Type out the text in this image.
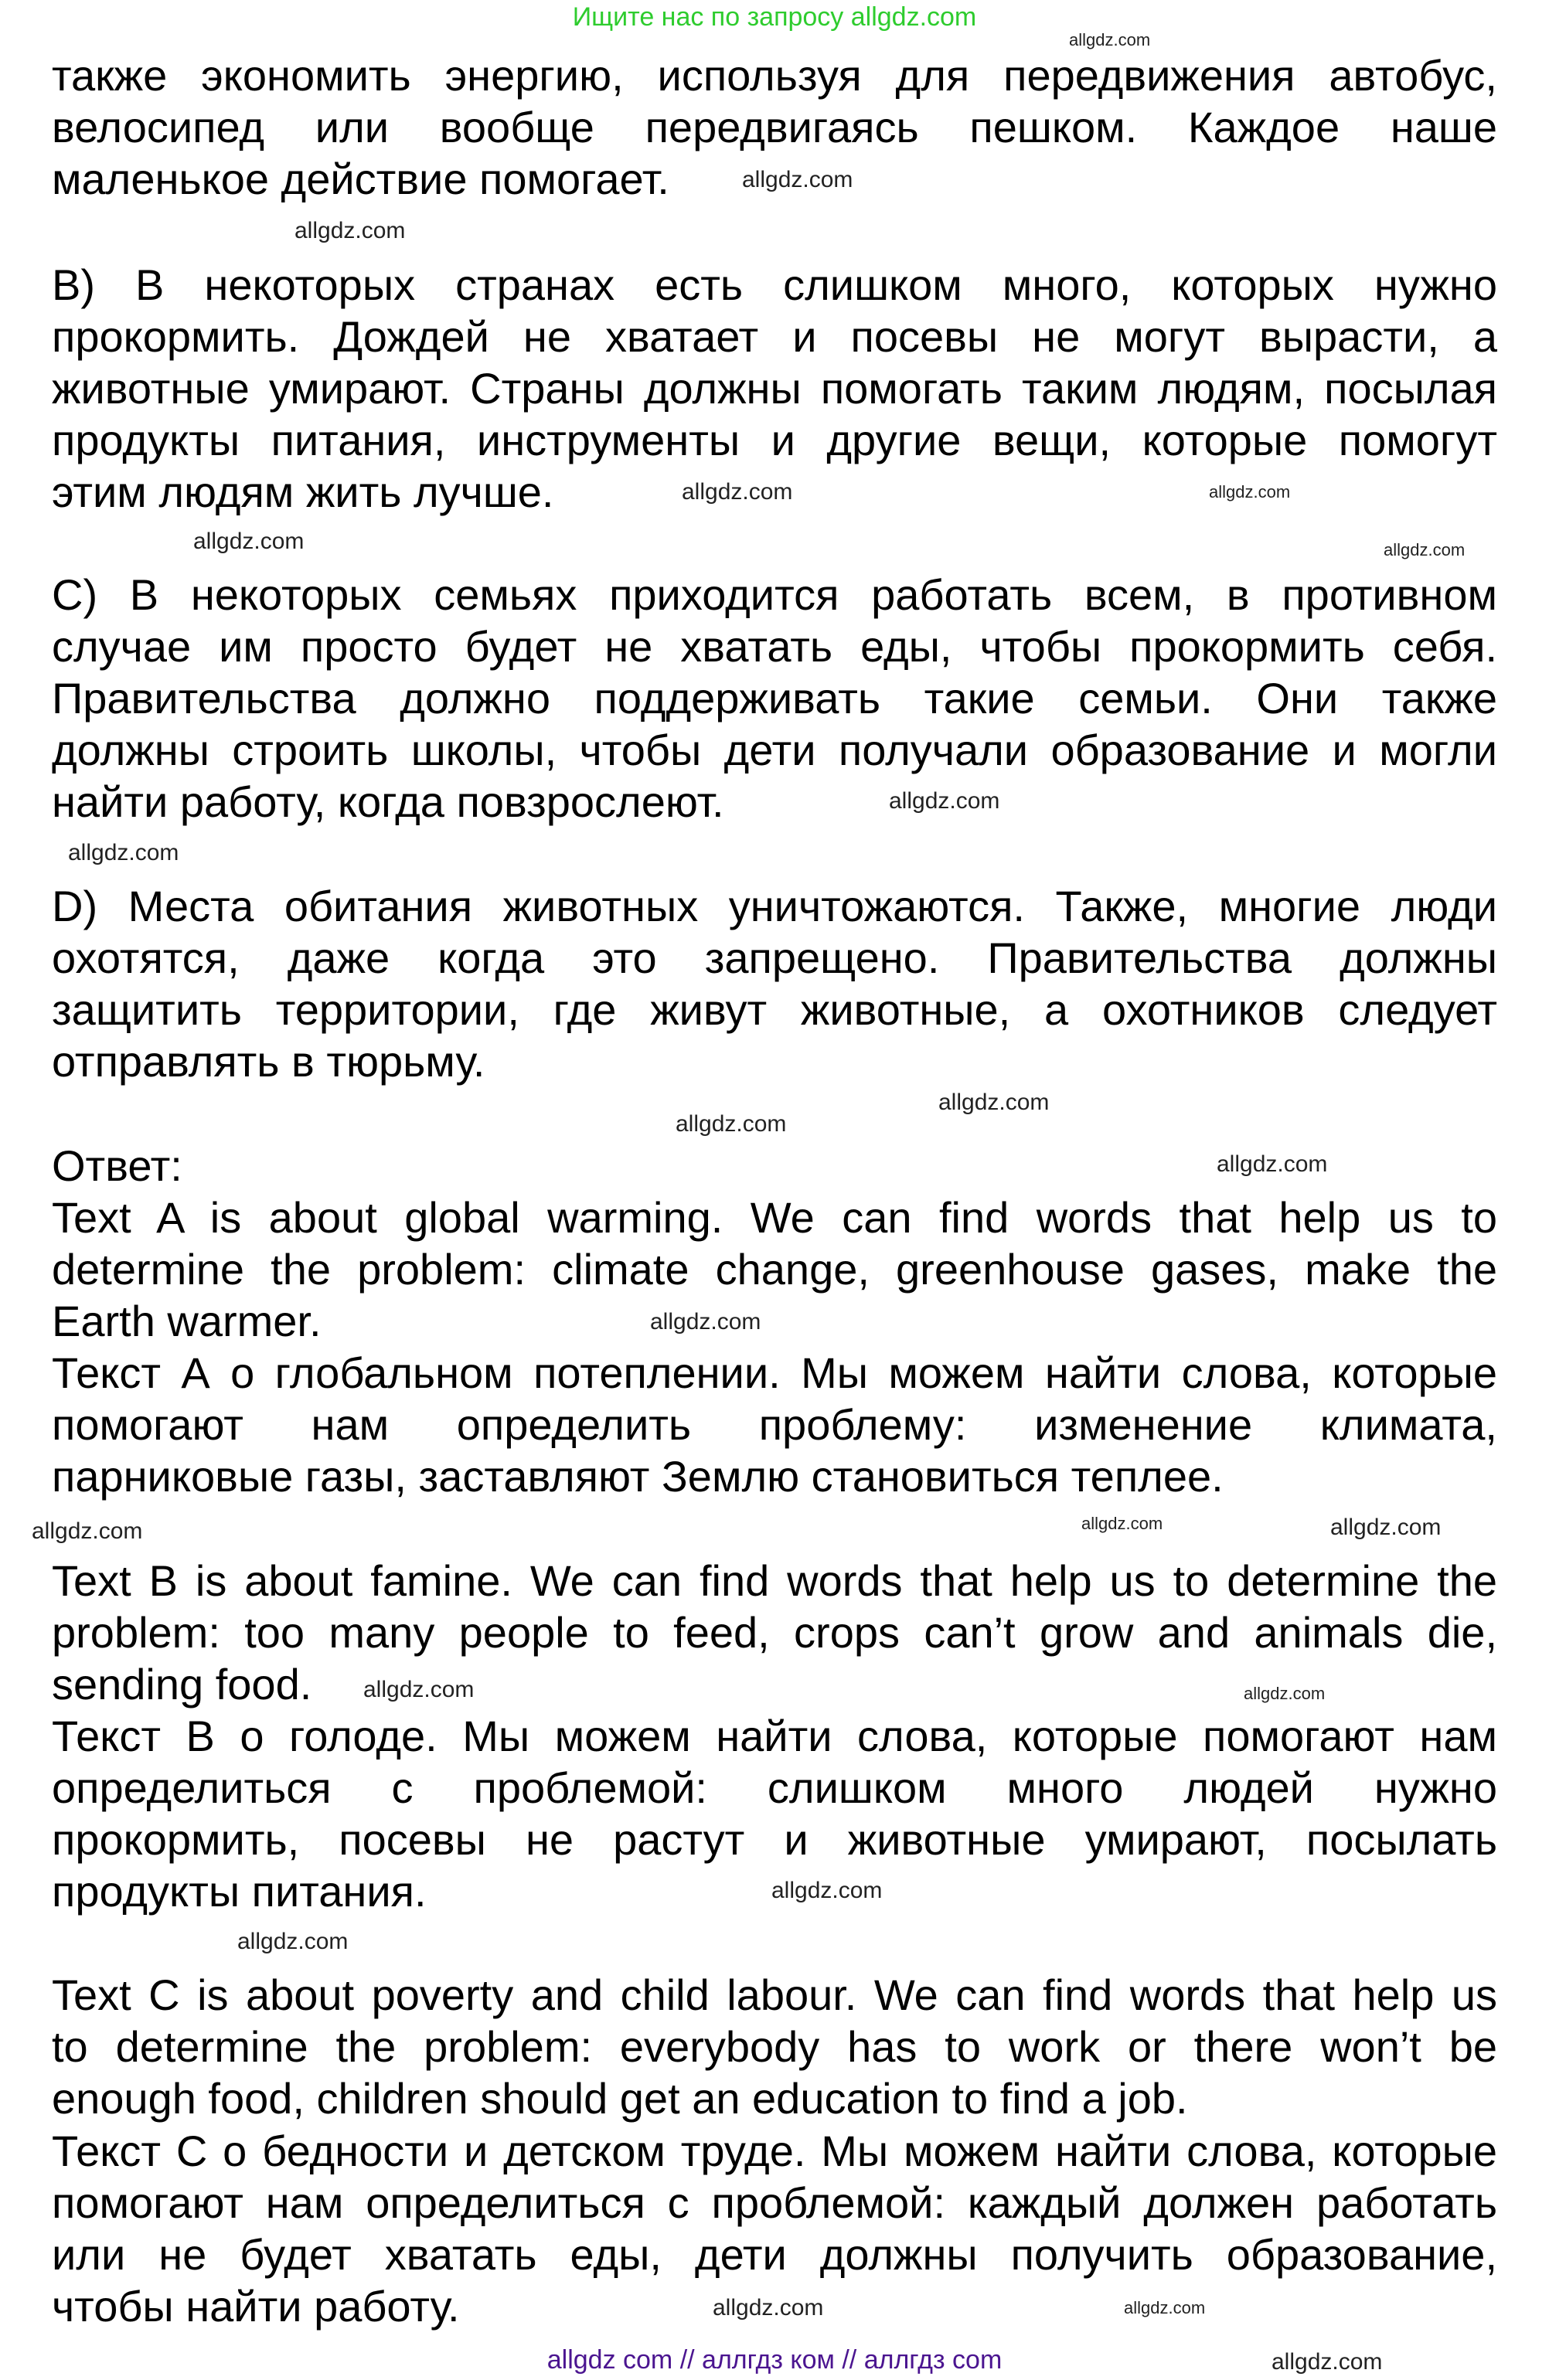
Ищите нас по запросу allgdz.com
также экономить энергию, используя для передвижения автобус,
велосипед или вообще передвигаясь пешком. Каждое наше
маленькое действие помогает.
B) В некоторых странах есть слишком много, которых нужно
прокормить. Дождей не хватает и посевы не могут вырасти, а
животные умирают. Страны должны помогать таким людям, посылая
продукты питания, инструменты и другие вещи, которые помогут
этим людям жить лучше.
C) В некоторых семьях приходится работать всем, в противном
случае им просто будет не хватать еды, чтобы прокормить себя.
Правительства должно поддерживать такие семьи. Они также
должны строить школы, чтобы дети получали образование и могли
найти работу, когда повзрослеют.
D) Места обитания животных уничтожаются. Также, многие люди
охотятся, даже когда это запрещено. Правительства должны
защитить территории, где живут животные, а охотников следует
отправлять в тюрьму.
Ответ:
Text A is about global warming. We can find words that help us to
determine the problem: climate change, greenhouse gases, make the
Earth warmer.
Текст А о глобальном потеплении. Мы можем найти слова, которые
помогают нам определить проблему: изменение климата,
парниковые газы, заставляют Землю становиться теплее.
Text B is about famine. We can find words that help us to determine the
problem: too many people to feed, crops can’t grow and animals die,
sending food.
Текст В о голоде. Мы можем найти слова, которые помогают нам
определиться с проблемой: слишком много людей нужно
прокормить, посевы не растут и животные умирают, посылать
продукты питания.
Text C is about poverty and child labour. We can find words that help us
to determine the problem: everybody has to work or there won’t be
enough food, children should get an education to find a job.
Текст С о бедности и детском труде. Мы можем найти слова, которые
помогают нам определиться с проблемой: каждый должен работать
или не будет хватать еды, дети должны получить образование,
чтобы найти работу.
allgdz.com
allgdz.com
allgdz.com
allgdz.com
allgdz.com
allgdz.com	allgdz.com
allgdz.com
allgdz.com
allgdz.com
allgdz.com
allgdz.com
allgdz.com
allgdz.com	allgdz.com
allgdz.com
allgdz.com	allgdz.com
allgdz.com
allgdz.com
allgdz.com
allgdz.com
allgdz.com
allgdz com // аллгдз ком // аллгдз com
